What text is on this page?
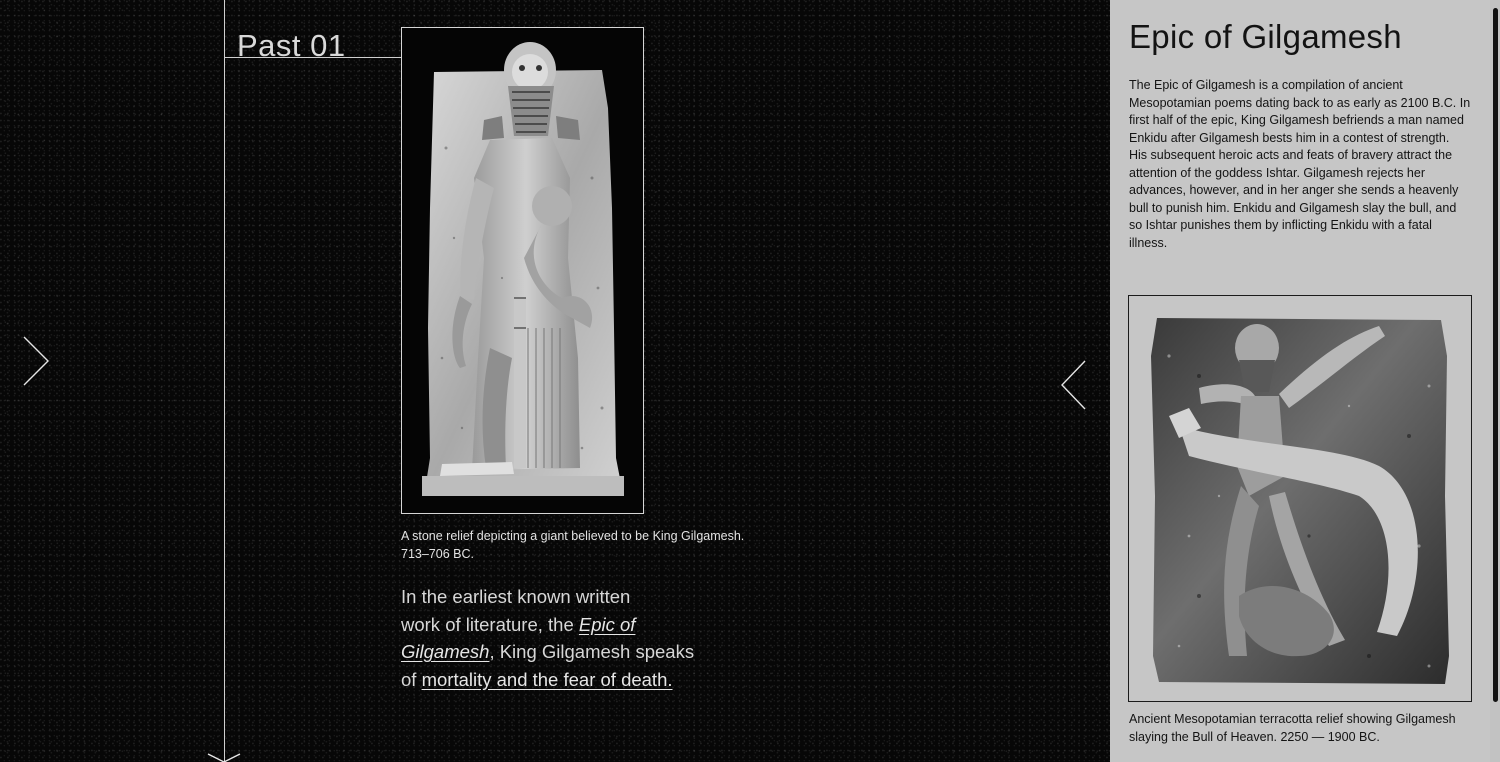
Past 01
A stone relief depicting a giant believed to be King Gilgamesh.
713–706 BC.
In the earliest known written
work of literature, the Epic of
Gilgamesh, King Gilgamesh speaks
of mortality and the fear of death.
Epic of Gilgamesh
The Epic of Gilgamesh is a compilation of ancient
Mesopotamian poems dating back to as early as 2100 B.C. In
first half of the epic, King Gilgamesh befriends a man named
Enkidu after Gilgamesh bests him in a contest of strength.
His subsequent heroic acts and feats of bravery attract the
attention of the goddess Ishtar. Gilgamesh rejects her
advances, however, and in her anger she sends a heavenly
bull to punish him. Enkidu and Gilgamesh slay the bull, and
so Ishtar punishes them by inflicting Enkidu with a fatal
illness.
Ancient Mesopotamian terracotta relief showing Gilgamesh
slaying the Bull of Heaven. 2250 — 1900 BC.
